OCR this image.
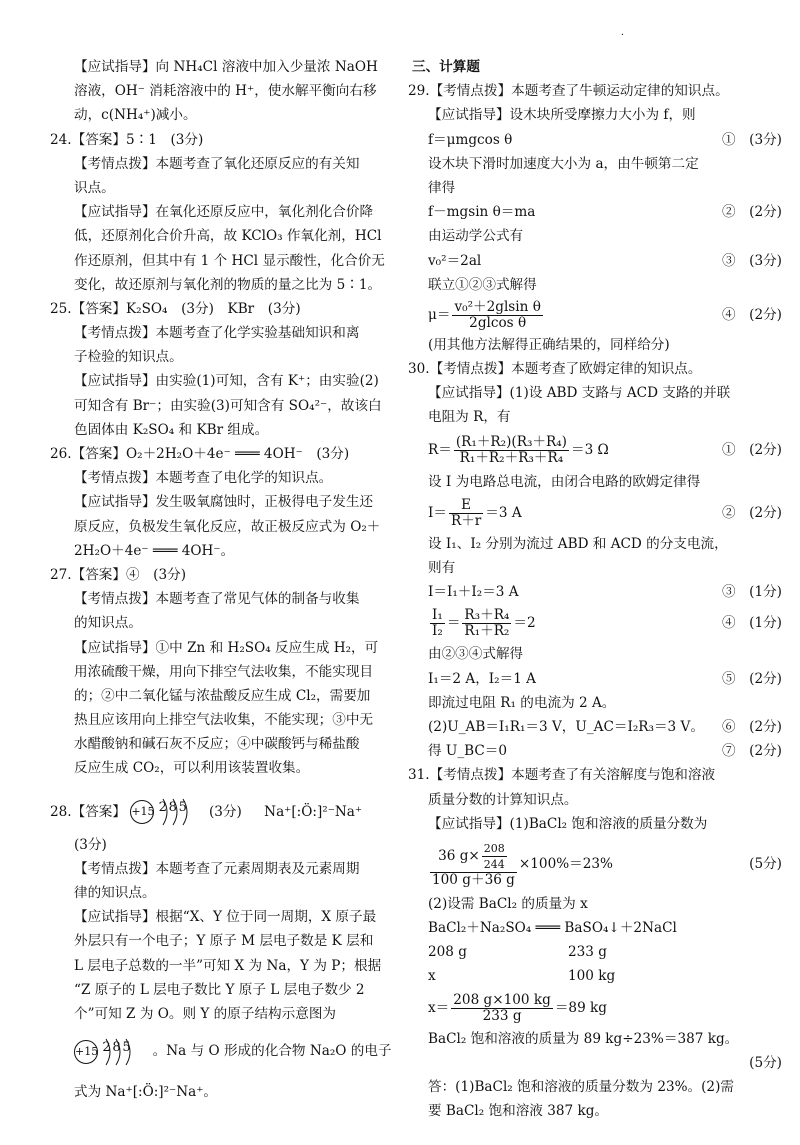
·
【应试指导】向 NH₄Cl 溶液中加入少量浓 NaOH
溶液，OH⁻ 消耗溶液中的 H⁺，使水解平衡向右移
动，c(NH₄⁺)减小。
24.【答案】5∶1　(3分)
【考情点拨】本题考查了氧化还原反应的有关知
识点。
【应试指导】在氧化还原反应中，氧化剂化合价降
低，还原剂化合价升高，故 KClO₃ 作氧化剂，HCl
作还原剂，但其中有 1 个 HCl 显示酸性，化合价无
变化，故还原剂与氧化剂的物质的量之比为 5∶1。
25.【答案】K₂SO₄　(3分)　KBr　(3分)
【考情点拨】本题考查了化学实验基础知识和离
子检验的知识点。
【应试指导】由实验(1)可知，含有 K⁺；由实验(2)
可知含有 Br⁻；由实验(3)可知含有 SO₄²⁻，故该白
色固体由 K₂SO₄ 和 KBr 组成。
26.【答案】O₂＋2H₂O＋4e⁻ ═══ 4OH⁻　(3分)
【考情点拨】本题考查了电化学的知识点。
【应试指导】发生吸氧腐蚀时，正极得电子发生还
原反应，负极发生氧化反应，故正极反应式为 O₂＋
2H₂O＋4e⁻ ═══ 4OH⁻。
27.【答案】④　(3分)
【考情点拨】本题考查了常见气体的制备与收集
的知识点。
【应试指导】①中 Zn 和 H₂SO₄ 反应生成 H₂，可
用浓硫酸干燥，用向下排空气法收集，不能实现目
的；②中二氧化锰与浓盐酸反应生成 Cl₂，需要加
热且应该用向上排空气法收集，不能实现；③中无
水醋酸钠和碱石灰不反应；④中碳酸钙与稀盐酸
反应生成 CO₂，可以利用该装置收集。
28.【答案】 +15 2 8 5 (3分) Na⁺[:Ö:]²⁻Na⁺
(3分)
【考情点拨】本题考查了元素周期表及元素周期
律的知识点。
【应试指导】根据“X、Y 位于同一周期，X 原子最
外层只有一个电子；Y 原子 M 层电子数是 K 层和
L 层电子总数的一半”可知 X 为 Na，Y 为 P；根据
“Z 原子的 L 层电子数比 Y 原子 L 层电子数少 2
个”可知 Z 为 O。则 Y 的原子结构示意图为
+15 2 8 5 。Na 与 O 形成的化合物 Na₂O 的电子
式为 Na⁺[:Ö:]²⁻Na⁺。
三、计算题
29.【考情点拨】本题考查了牛顿运动定律的知识点。
【应试指导】设木块所受摩擦力大小为 f，则
f＝μmgcos θ	①　(3分)
设木块下滑时加速度大小为 a，由牛顿第二定
律得
f－mgsin θ＝ma	②　(2分)
由运动学公式有
v₀²＝2al	③　(3分)
联立①②③式解得
$\mu= \frac{\text{v₀²＋2glsin θ}}{\text{2glcos θ}}$	④　(2分)
(用其他方法解得正确结果的，同样给分)
30.【考情点拨】本题考查了欧姆定律的知识点。
【应试指导】(1)设 ABD 支路与 ACD 支路的并联
电阻为 R，有
$R= \frac{\text{(R₁＋R₂)(R₃＋R₄)}}{\text{R₁＋R₂＋R₃＋R₄}} =3$ Ω	①　(2分)
设 I 为电路总电流，由闭合电路的欧姆定律得
$I= \frac{E}{R+r} =3$ A	②　(2分)
设 I₁、I₂ 分别为流过 ABD 和 ACD 的分支电流，
则有
I＝I₁＋I₂＝3 A	③　(1分)
$\frac{\text{I₁}}{\text{I₂}} = \frac{\text{R₃＋R₄}}{\text{R₁＋R₂}} =2$	④　(1分)
由②③④式解得
I₁＝2 A，I₂＝1 A	⑤　(2分)
即流过电阻 R₁ 的电流为 2 A。
(2)U_AB＝I₁R₁＝3 V，U_AC＝I₂R₃＝3 V。 ⑥　(2分)
得 U_BC＝0	⑦　(2分)
31.【考情点拨】本题考查了有关溶解度与饱和溶液
质量分数的计算知识点。
【应试指导】(1)BaCl₂ 饱和溶液的质量分数为
$\frac{36 g\times \frac{208}{244}}{100 g+36 g} \times 100\%=23\%$	(5分)
(2)设需 BaCl₂ 的质量为 x
BaCl₂＋Na₂SO₄ ═══ BaSO₄↓＋2NaCl
208 g	233 g
x	100 kg
$x= \frac{208 g\times 100 kg}{233 g} =89$ kg
BaCl₂ 饱和溶液的质量为 89 kg÷23%＝387 kg。
(5分)
答：(1)BaCl₂ 饱和溶液的质量分数为 23%。(2)需
要 BaCl₂ 饱和溶液 387 kg。
